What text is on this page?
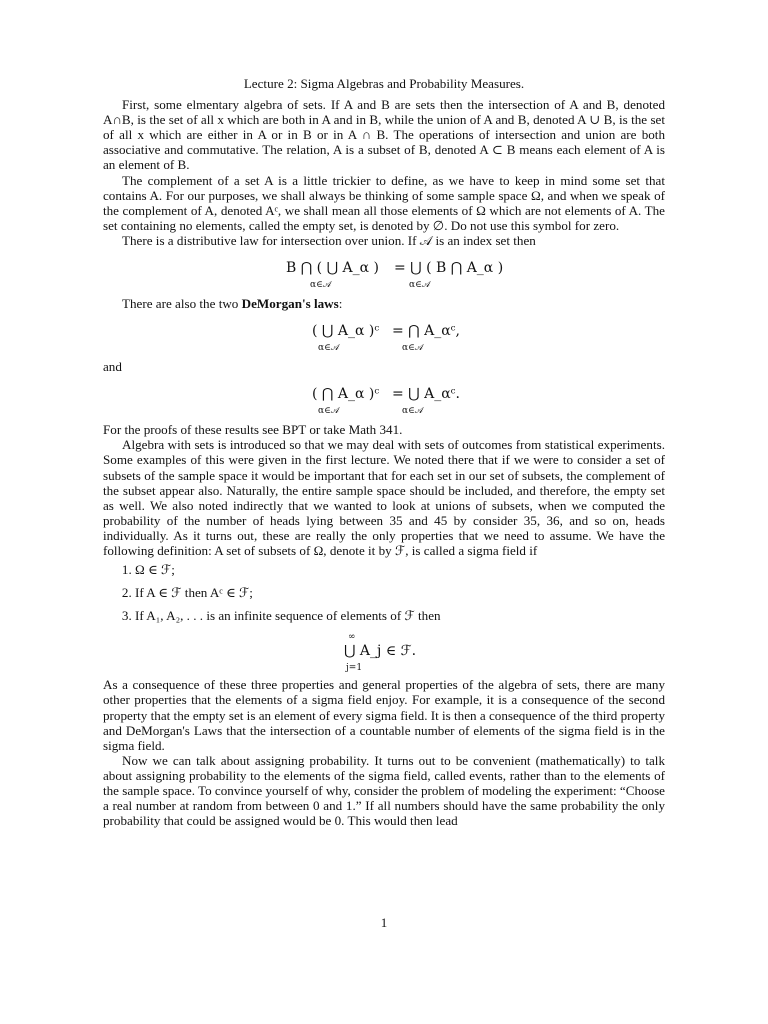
Lecture 2: Sigma Algebras and Probability Measures.

First, some elmentary algebra of sets. If A and B are sets then the intersection of A and B, denoted A∩B, is the set of all x which are both in A and in B, while the union of A and B, denoted A ∪ B, is the set of all x which are either in A or in B or in A ∩ B. The operations of intersection and union are both associative and commutative. The relation, A is a subset of B, denoted A ⊂ B means each element of A is an element of B.

The complement of a set A is a little trickier to define, as we have to keep in mind some set that contains A. For our purposes, we shall always be thinking of some sample space Ω, and when we speak of the complement of A, denoted Aᶜ, we shall mean all those elements of Ω which are not elements of A. The set containing no elements, called the empty set, is denoted by ∅. Do not use this symbol for zero.

There is a distributive law for intersection over union. If 𝒜 is an index set then

B ⋂ ( ⋃ A_α ) = ⋃ ( B ⋂ A_α )
α∈𝒜	α∈𝒜

There are also the two DeMorgan's laws:

( ⋃ A_α )ᶜ = ⋂ A_αᶜ,
α∈𝒜	α∈𝒜

and

( ⋂ A_α )ᶜ = ⋃ A_αᶜ.
α∈𝒜	α∈𝒜

For the proofs of these results see BPT or take Math 341.

Algebra with sets is introduced so that we may deal with sets of outcomes from statistical experiments. Some examples of this were given in the first lecture. We noted there that if we were to consider a set of subsets of the sample space it would be important that for each set in our set of subsets, the complement of the subset appear also. Naturally, the entire sample space should be included, and therefore, the empty set as well. We also noted indirectly that we wanted to look at unions of subsets, when we computed the probability of the number of heads lying between 35 and 45 by consider 35, 36, and so on, heads individually. As it turns out, these are really the only properties that we need to assume. We have the following definition: A set of subsets of Ω, denote it by ℱ, is called a sigma field if

1. Ω ∈ ℱ;
2. If A ∈ ℱ then Aᶜ ∈ ℱ;
3. If A₁, A₂, . . . is an infinite sequence of elements of ℱ then
∞
⋃ A_j ∈ ℱ.
j=1

As a consequence of these three properties and general properties of the algebra of sets, there are many other properties that the elements of a sigma field enjoy. For example, it is a consequence of the second property that the empty set is an element of every sigma field. It is then a consequence of the third property and DeMorgan's Laws that the intersection of a countable number of elements of the sigma field is in the sigma field.

Now we can talk about assigning probability. It turns out to be convenient (mathematically) to talk about assigning probability to the elements of the sigma field, called events, rather than to the elements of the sample space. To convince yourself of why, consider the problem of modeling the experiment: “Choose a real number at random from between 0 and 1.” If all numbers should have the same probability the only probability that could be assigned would be 0. This would then lead

1
